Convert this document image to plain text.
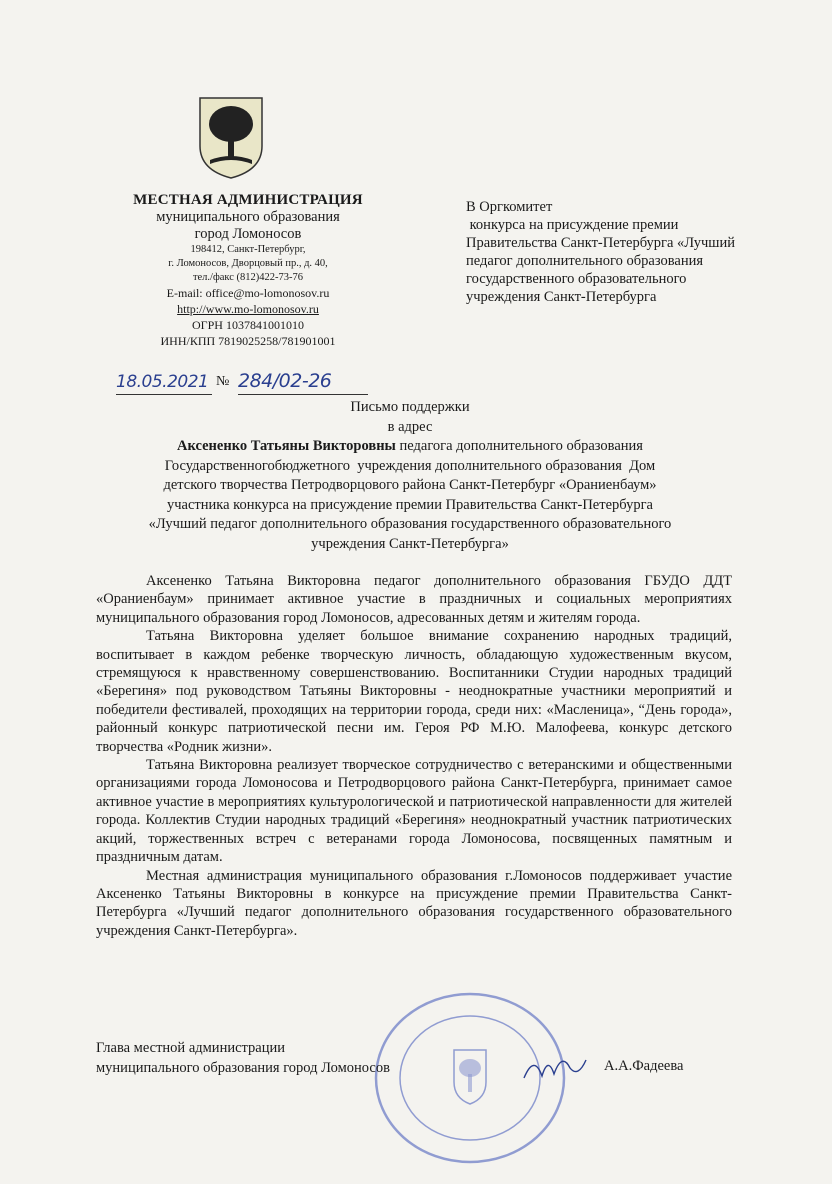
МЕСТНАЯ АДМИНИСТРАЦИЯ
муниципального образования
город Ломоносов
198412, Санкт-Петербург,
г. Ломоносов, Дворцовый пр., д. 40,
тел./факс (812)422-73-76
E-mail: office@mo-lomonosov.ru
http://www.mo-lomonosov.ru
ОГРН 1037841001010
ИНН/КПП 7819025258/781901001
В Оргкомитет
конкурса на присуждение премии
Правительства Санкт-Петербурга «Лучший
педагог дополнительного образования
государственного образовательного
учреждения Санкт-Петербурга
18.05.2021 № 284/02-26
Письмо поддержки
в адрес
Аксененко Татьяны Викторовны педагога дополнительного образования
Государственногобюджетного  учреждения дополнительного образования  Дом
детского творчества Петродворцового района Санкт-Петербург «Ораниенбаум»
участника конкурса на присуждение премии Правительства Санкт-Петербурга
«Лучший педагог дополнительного образования государственного образовательного
учреждения Санкт-Петербурга»

Аксененко Татьяна Викторовна педагог дополнительного образования ГБУДО ДДТ «Ораниенбаум» принимает активное участие в праздничных и социальных мероприятиях муниципального образования город Ломоносов, адресованных детям и жителям города.

Татьяна Викторовна уделяет большое внимание сохранению народных традиций, воспитывает в каждом ребенке творческую личность, обладающую художественным вкусом, стремящуюся к нравственному совершенствованию. Воспитанники Студии народных традиций «Берегиня» под руководством Татьяны Викторовны - неоднократные участники мероприятий и победители фестивалей, проходящих на территории города, среди них: «Масленица», “День города», районный конкурс патриотической песни им. Героя РФ М.Ю. Малофеева, конкурс детского творчества «Родник жизни».

Татьяна Викторовна реализует творческое сотрудничество с ветеранскими и общественными организациями города Ломоносова и Петродворцового района Санкт-Петербурга, принимает самое активное участие в мероприятиях культурологической и патриотической направленности для жителей города. Коллектив Студии народных традиций «Берегиня» неоднократный участник патриотических акций, торжественных встреч с ветеранами города Ломоносова, посвященных памятным и праздничным датам.

Местная администрация муниципального образования г.Ломоносов поддерживает участие Аксененко Татьяны Викторовны в конкурсе на присуждение премии Правительства Санкт- Петербурга «Лучший педагог дополнительного образования государственного образовательного учреждения Санкт-Петербурга».

Глава местной администрации
муниципального образования город Ломоносов	А.А.Фадеева
